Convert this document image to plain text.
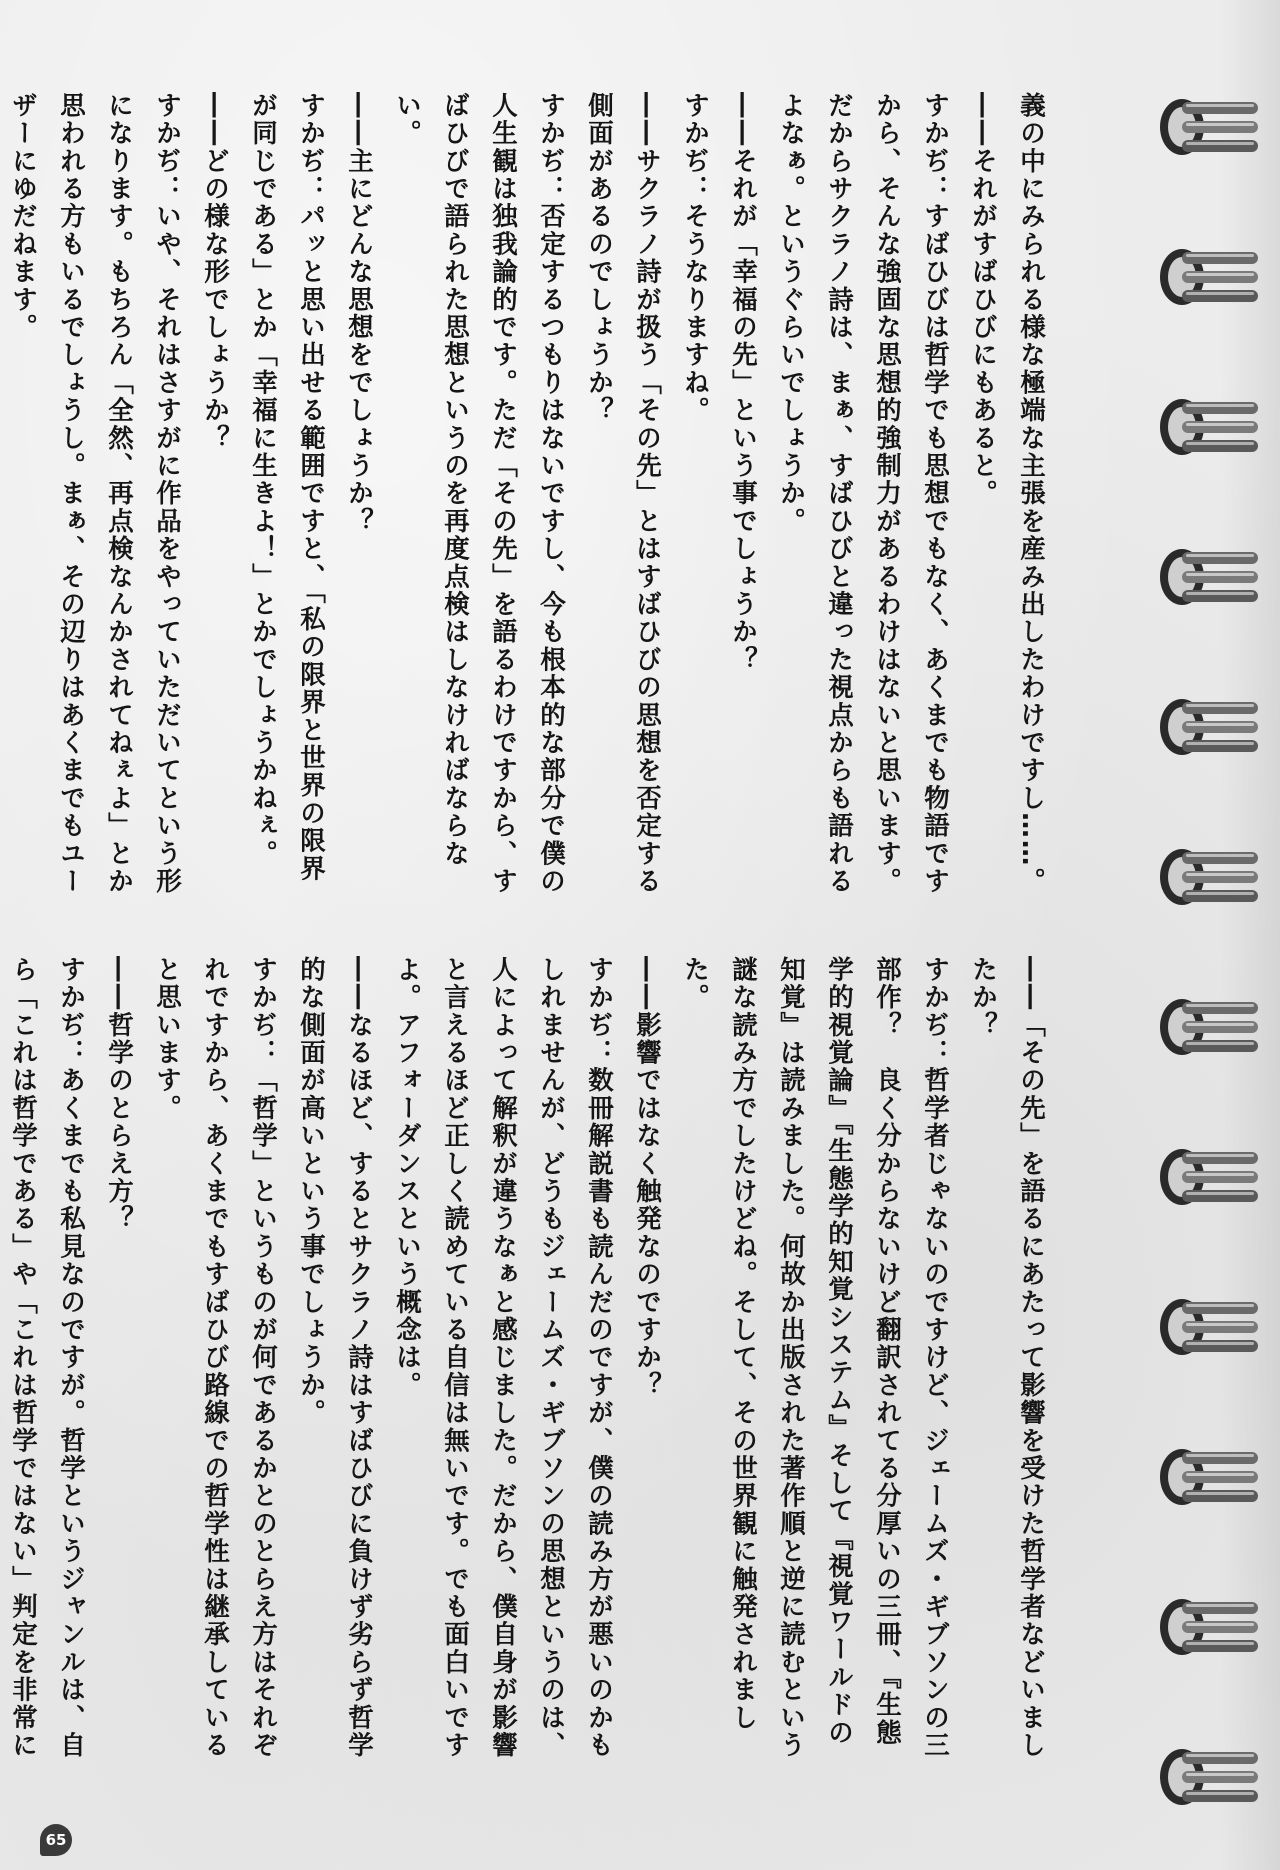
義の中にみられる様な極端な主張を産み出したわけですし……。

――それがすばひびにもあると。

すかぢ：すばひびは哲学でも思想でもなく、あくまでも物語です

から、そんな強固な思想的強制力があるわけはないと思います。

だからサクラノ詩は、まぁ、すばひびと違った視点からも語れる

よなぁ。というぐらいでしょうか。

――それが「幸福の先」という事でしょうか？

すかぢ：そうなりますね。

――サクラノ詩が扱う「その先」とはすばひびの思想を否定する

側面があるのでしょうか？

すかぢ：否定するつもりはないですし、今も根本的な部分で僕の

人生観は独我論的です。ただ「その先」を語るわけですから、す

ばひびで語られた思想というのを再度点検はしなければならな

い。

――主にどんな思想をでしょうか？

すかぢ：パッと思い出せる範囲ですと、「私の限界と世界の限界

が同じである」とか「幸福に生きよ！」とかでしょうかねぇ。

――どの様な形でしょうか？

すかぢ：いや、それはさすがに作品をやっていただいてという形

になります。もちろん「全然、再点検なんかされてねぇよ」とか

思われる方もいるでしょうし。まぁ、その辺りはあくまでもユー

ザーにゆだねます。

――「その先」を語るにあたって影響を受けた哲学者などいまし

たか？

すかぢ：哲学者じゃないのですけど、ジェームズ・ギブソンの三

部作？　良く分からないけど翻訳されてる分厚いの三冊、『生態

学的視覚論』『生態学的知覚システム』そして『視覚ワールドの

知覚』は読みました。何故か出版された著作順と逆に読むという

謎な読み方でしたけどね。そして、その世界観に触発されまし

た。

――影響ではなく触発なのですか？

すかぢ：数冊解説書も読んだのですが、僕の読み方が悪いのかも

しれませんが、どうもジェームズ・ギブソンの思想というのは、

人によって解釈が違うなぁと感じました。だから、僕自身が影響

と言えるほど正しく読めている自信は無いです。でも面白いです

よ。アフォーダンスという概念は。

――なるほど、するとサクラノ詩はすばひびに負けず劣らず哲学

的な側面が高いという事でしょうか。

すかぢ：「哲学」というものが何であるかとのとらえ方はそれぞ

れですから、あくまでもすばひび路線での哲学性は継承している

と思います。

――哲学のとらえ方？

すかぢ：あくまでも私見なのですが。哲学というジャンルは、自

ら「これは哲学である」や「これは哲学ではない」判定を非常に

65
